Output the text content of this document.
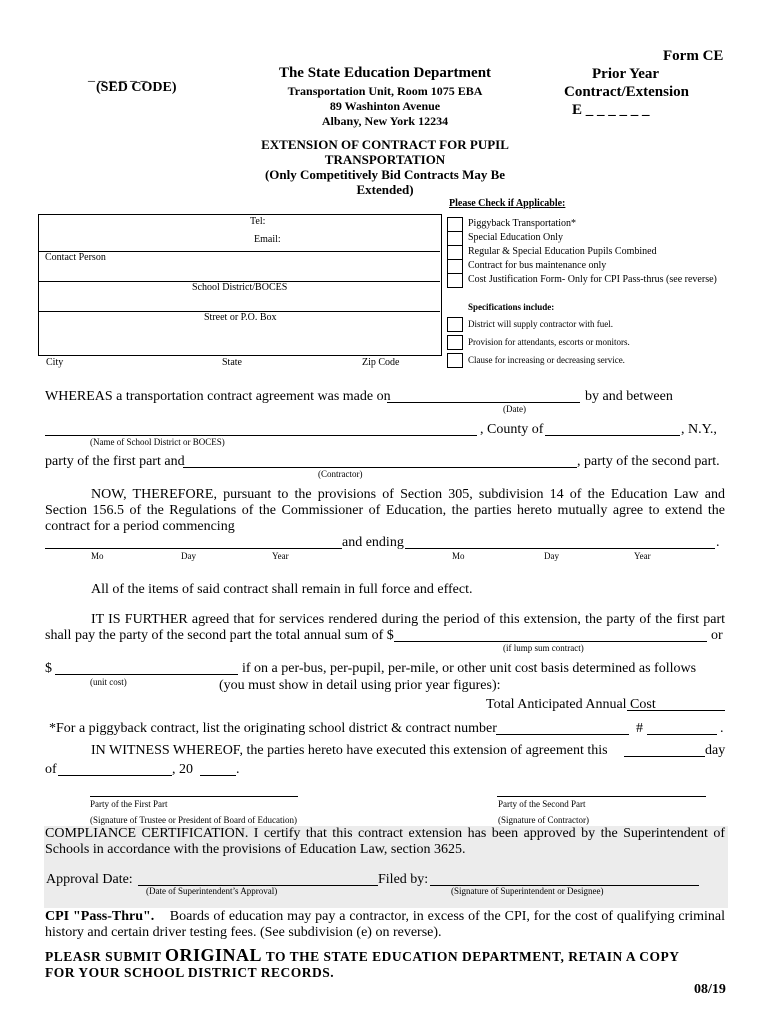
_ _ _ _ _ _
(SED CODE)
The State Education Department
Transportation Unit, Room 1075 EBA
89 Washinton Avenue
Albany, New York 12234
Form CE
Prior Year
Contract/Extension
E _ _ _ _ _ _
EXTENSION OF CONTRACT FOR PUPIL
TRANSPORTATION
(Only Competitively Bid Contracts May Be
Extended)
Tel:
Email:
Contact Person
School District/BOCES
Street or P.O. Box
City	State	Zip Code
Please Check if Applicable:
Piggyback Transportation*
Special Education Only
Regular & Special Education Pupils Combined
Contract for bus maintenance only
Cost Justification Form- Only for CPI Pass-thrus (see reverse)
Specifications include:
District will supply contractor with fuel.
Provision for attendants, escorts or monitors.
Clause for increasing or decreasing service.
WHEREAS a transportation contract agreement was made on	by and between
(Date)
, County of	, N.Y.,
(Name of School District or BOCES)
party of the first part and	, party of the second part.
(Contractor)
NOW, THEREFORE, pursuant to the provisions of Section 305, subdivision 14 of the Education Law and Section 156.5 of the Regulations of the Commissioner of Education, the parties hereto mutually agree to extend the contract for a period commencing
and ending	.
Mo	Day	Year	Mo	Day	Year
All of the items of said contract shall remain in full force and effect.
IT IS FURTHER agreed that for services rendered during the period of this extension, the party of the first part shall pay the party of the second part the total annual sum of $	or
(if lump sum contract)
$	if on a per-bus, per-pupil, per-mile, or other unit cost basis determined as follows
(unit cost)	(you must show in detail using prior year figures):
Total Anticipated Annual Cost
*For a piggyback contract, list the originating school district & contract number	#	.
IN WITNESS WHEREOF, the parties hereto have executed this extension of agreement this	day
of	, 20	.
Party of the First Part	Party of the Second Part
(Signature of Trustee or President of Board of Education)	(Signature of Contractor)
COMPLIANCE CERTIFICATION. I certify that this contract extension has been approved by the Superintendent of Schools in accordance with the provisions of Education Law, section 3625.
Approval Date:	Filed by:
(Date of Superintendent’s Approval)	(Signature of Superintendent or Designee)
CPI "Pass-Thru". Boards of education may pay a contractor, in excess of the CPI, for the cost of qualifying criminal history and certain driver testing fees. (See subdivision (e) on reverse).
PLEASR SUBMIT ORIGINAL TO THE STATE EDUCATION DEPARTMENT, RETAIN A COPY
FOR YOUR SCHOOL DISTRICT RECORDS.
08/19
